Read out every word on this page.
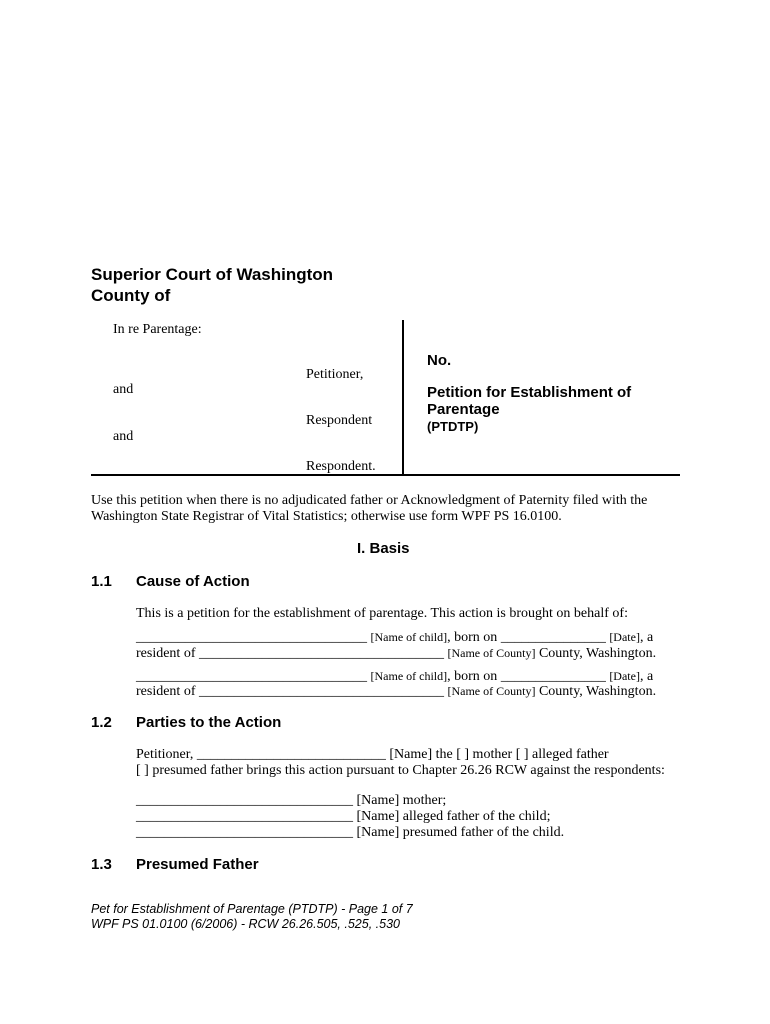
Superior Court of Washington
County of
In re Parentage:
Petitioner,
and
Respondent
and
Respondent.
No.
Petition for Establishment of
Parentage
(PTDTP)
Use this petition when there is no adjudicated father or Acknowledgment of Paternity filed with the
Washington State Registrar of Vital Statistics; otherwise use form WPF PS 16.0100.
I. Basis
1.1 Cause of Action
This is a petition for the establishment of parentage. This action is brought on behalf of:
_________________________________ [Name of child], born on _______________ [Date], a
resident of ___________________________________ [Name of County] County, Washington.
_________________________________ [Name of child], born on _______________ [Date], a
resident of ___________________________________ [Name of County] County, Washington.
1.2 Parties to the Action
Petitioner, ___________________________ [Name] the [ ] mother [ ] alleged father
[ ] presumed father brings this action pursuant to Chapter 26.26 RCW against the respondents:
_______________________________ [Name] mother;
_______________________________ [Name] alleged father of the child;
_______________________________ [Name] presumed father of the child.
1.3 Presumed Father
Pet for Establishment of Parentage (PTDTP) - Page 1 of 7
WPF PS 01.0100 (6/2006) - RCW 26.26.505, .525, .530
